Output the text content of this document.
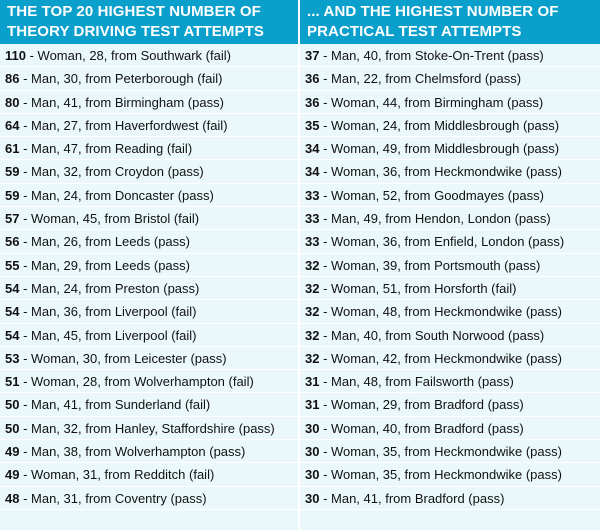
THE TOP 20 HIGHEST NUMBER OF
THEORY DRIVING TEST ATTEMPTS
110 - Woman, 28, from Southwark (fail)
86 - Man, 30, from Peterborough (fail)
80 - Man, 41, from Birmingham (pass)
64 - Man, 27, from Haverfordwest (fail)
61 - Man, 47, from Reading (fail)
59 - Man, 32, from Croydon (pass)
59 - Man, 24, from Doncaster (pass)
57 - Woman, 45, from Bristol (fail)
56 - Man, 26, from Leeds (pass)
55 - Man, 29, from Leeds (pass)
54 - Man, 24, from Preston (pass)
54 - Man, 36, from Liverpool (fail)
54 - Man, 45, from Liverpool (fail)
53 - Woman, 30, from Leicester (pass)
51 - Woman, 28, from Wolverhampton (fail)
50 - Man, 41, from Sunderland (fail)
50 - Man, 32, from Hanley, Staffordshire (pass)
49 - Man, 38, from Wolverhampton (pass)
49 - Woman, 31, from Redditch (fail)
48 - Man, 31, from Coventry (pass)
... AND THE HIGHEST NUMBER OF
PRACTICAL TEST ATTEMPTS
37 - Man, 40, from Stoke-On-Trent (pass)
36 - Man, 22, from Chelmsford (pass)
36 - Woman, 44, from Birmingham (pass)
35 - Woman, 24, from Middlesbrough (pass)
34 - Woman, 49, from Middlesbrough (pass)
34 - Woman, 36, from Heckmondwike (pass)
33 - Woman, 52, from Goodmayes (pass)
33 - Man, 49, from Hendon, London (pass)
33 - Woman, 36, from Enfield, London (pass)
32 - Woman, 39, from Portsmouth (pass)
32 - Woman, 51, from Horsforth (fail)
32 - Woman, 48, from Heckmondwike (pass)
32 - Man, 40, from South Norwood (pass)
32 - Woman, 42, from Heckmondwike (pass)
31 - Man, 48, from Failsworth (pass)
31 - Woman, 29, from Bradford (pass)
30 - Woman, 40, from Bradford (pass)
30 - Woman, 35, from Heckmondwike (pass)
30 - Woman, 35, from Heckmondwike (pass)
30 - Man, 41, from Bradford (pass)
